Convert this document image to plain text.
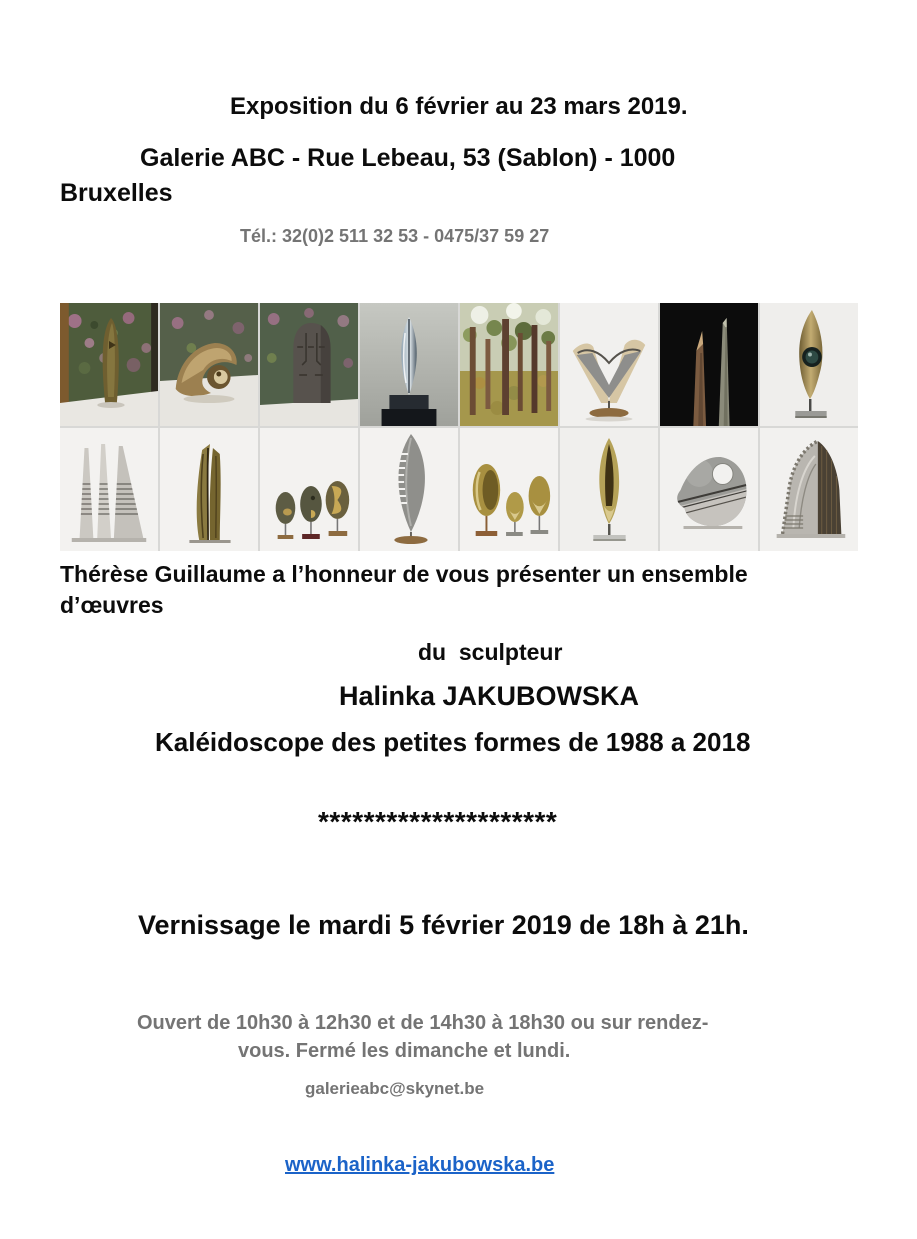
Exposition du 6 février au 23 mars 2019.
Galerie ABC - Rue Lebeau, 53 (Sablon) - 1000
Bruxelles
Tél.: 32(0)2 511 32 53 - 0475/37 59 27
Thérèse Guillaume a l’honneur de vous présenter un ensemble
d’œuvres
du  sculpteur
Halinka JAKUBOWSKA
Kaléidoscope des petites formes de 1988 a 2018
*********************
Vernissage le mardi 5 février 2019 de 18h à 21h.
Ouvert de 10h30 à 12h30 et de 14h30 à 18h30 ou sur rendez-
vous. Fermé les dimanche et lundi.
galerieabc@skynet.be
www.halinka-jakubowska.be
